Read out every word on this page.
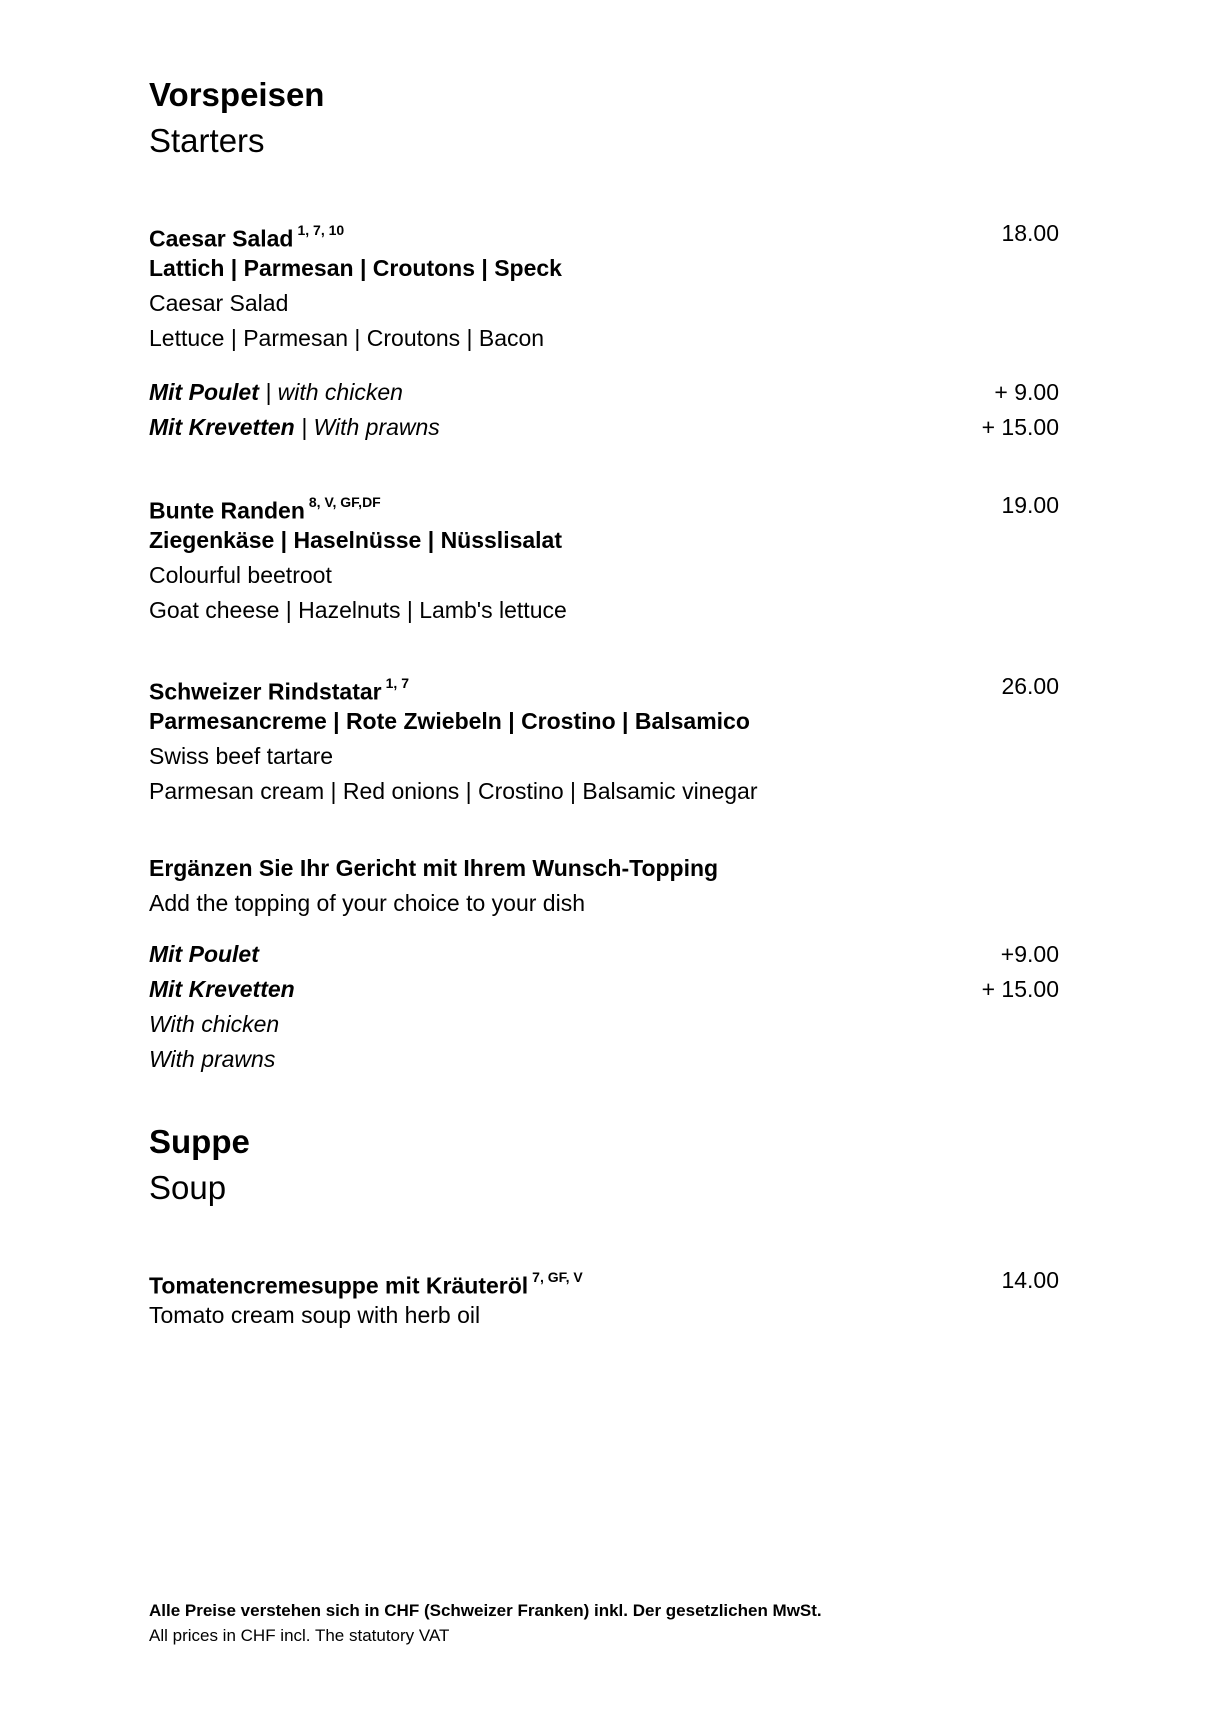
Vorspeisen
Starters
Caesar Salad $^{1, 7, 10}$	18.00
Lattich | Parmesan | Croutons | Speck
Caesar Salad
Lettuce | Parmesan | Croutons | Bacon
Mit Poulet | with chicken	+ 9.00
Mit Krevetten | With prawns	+ 15.00
Bunte Randen $^{8, V, GF,DF}$	19.00
Ziegenkäse | Haselnüsse | Nüsslisalat
Colourful beetroot
Goat cheese | Hazelnuts | Lamb's lettuce
Schweizer Rindstatar $^{1, 7}$	26.00
Parmesancreme | Rote Zwiebeln | Crostino | Balsamico
Swiss beef tartare
Parmesan cream | Red onions | Crostino | Balsamic vinegar
Ergänzen Sie Ihr Gericht mit Ihrem Wunsch-Topping
Add the topping of your choice to your dish
Mit Poulet	+9.00
Mit Krevetten	+ 15.00
With chicken
With prawns
Suppe
Soup
Tomatencremesuppe mit Kräuteröl $^{7, GF, V}$	14.00
Tomato cream soup with herb oil
Alle Preise verstehen sich in CHF (Schweizer Franken) inkl. Der gesetzlichen MwSt.
All prices in CHF incl. The statutory VAT
